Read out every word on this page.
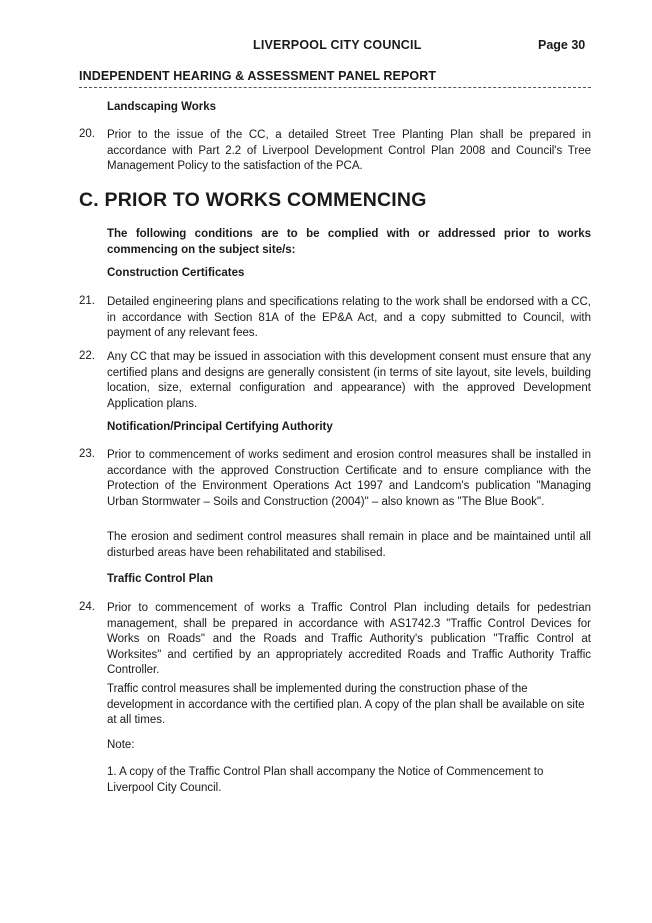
LIVERPOOL CITY COUNCIL	Page 30
INDEPENDENT HEARING & ASSESSMENT PANEL REPORT
Landscaping Works
20. Prior to the issue of the CC, a detailed Street Tree Planting Plan shall be prepared in accordance with Part 2.2 of Liverpool Development Control Plan 2008 and Council's Tree Management Policy to the satisfaction of the PCA.
C. PRIOR TO WORKS COMMENCING
The following conditions are to be complied with or addressed prior to works commencing on the subject site/s:
Construction Certificates
21. Detailed engineering plans and specifications relating to the work shall be endorsed with a CC, in accordance with Section 81A of the EP&A Act, and a copy submitted to Council, with payment of any relevant fees.
22. Any CC that may be issued in association with this development consent must ensure that any certified plans and designs are generally consistent (in terms of site layout, site levels, building location, size, external configuration and appearance) with the approved Development Application plans.
Notification/Principal Certifying Authority
23. Prior to commencement of works sediment and erosion control measures shall be installed in accordance with the approved Construction Certificate and to ensure compliance with the Protection of the Environment Operations Act 1997 and Landcom's publication "Managing Urban Stormwater – Soils and Construction (2004)" – also known as "The Blue Book".
The erosion and sediment control measures shall remain in place and be maintained until all disturbed areas have been rehabilitated and stabilised.
Traffic Control Plan
24. Prior to commencement of works a Traffic Control Plan including details for pedestrian management, shall be prepared in accordance with AS1742.3 "Traffic Control Devices for Works on Roads" and the Roads and Traffic Authority's publication "Traffic Control at Worksites" and certified by an appropriately accredited Roads and Traffic Authority Traffic Controller.
Traffic control measures shall be implemented during the construction phase of the development in accordance with the certified plan. A copy of the plan shall be available on site at all times.
Note:
1. A copy of the Traffic Control Plan shall accompany the Notice of Commencement to Liverpool City Council.
